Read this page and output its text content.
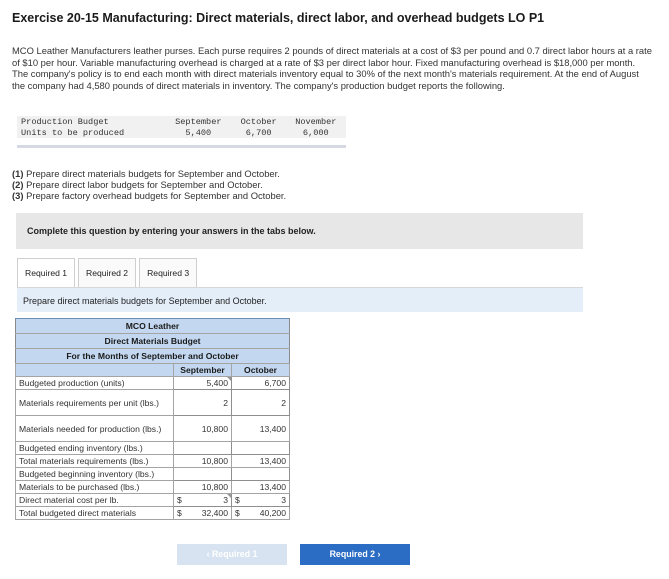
Exercise 20-15 Manufacturing: Direct materials, direct labor, and overhead budgets LO P1
MCO Leather Manufacturers leather purses. Each purse requires 2 pounds of direct materials at a cost of $3 per pound and 0.7 direct labor hours at a rate of $10 per hour. Variable manufacturing overhead is charged at a rate of $3 per direct labor hour. Fixed manufacturing overhead is $18,000 per month. The company's policy is to end each month with direct materials inventory equal to 30% of the next month's materials requirement. At the end of August the company had 4,580 pounds of direct materials in inventory. The company's production budget reports the following.
Production Budget	September	October	November
Units to be produced	5,400	6,700	6,000
(1) Prepare direct materials budgets for September and October.
(2) Prepare direct labor budgets for September and October.
(3) Prepare factory overhead budgets for September and October.
Complete this question by entering your answers in the tabs below.
Required 1	Required 2	Required 3
Prepare direct materials budgets for September and October.
MCO Leather		
Direct Materials Budget		
For the Months of September and October		
	September	October
Budgeted production (units)	5,400	6,700
Materials requirements per unit (lbs.)	2	2
Materials needed for production (lbs.)	10,800	13,400
Budgeted ending inventory (lbs.)		
Total materials requirements (lbs.)	10,800	13,400
Budgeted beginning inventory (lbs.)		
Materials to be purchased (lbs.)	10,800	13,400
Direct material cost per lb.	$ 3	$ 3
Total budgeted direct materials	$ 32,400	$ 40,200
‹ Required 1	Required 2 ›
